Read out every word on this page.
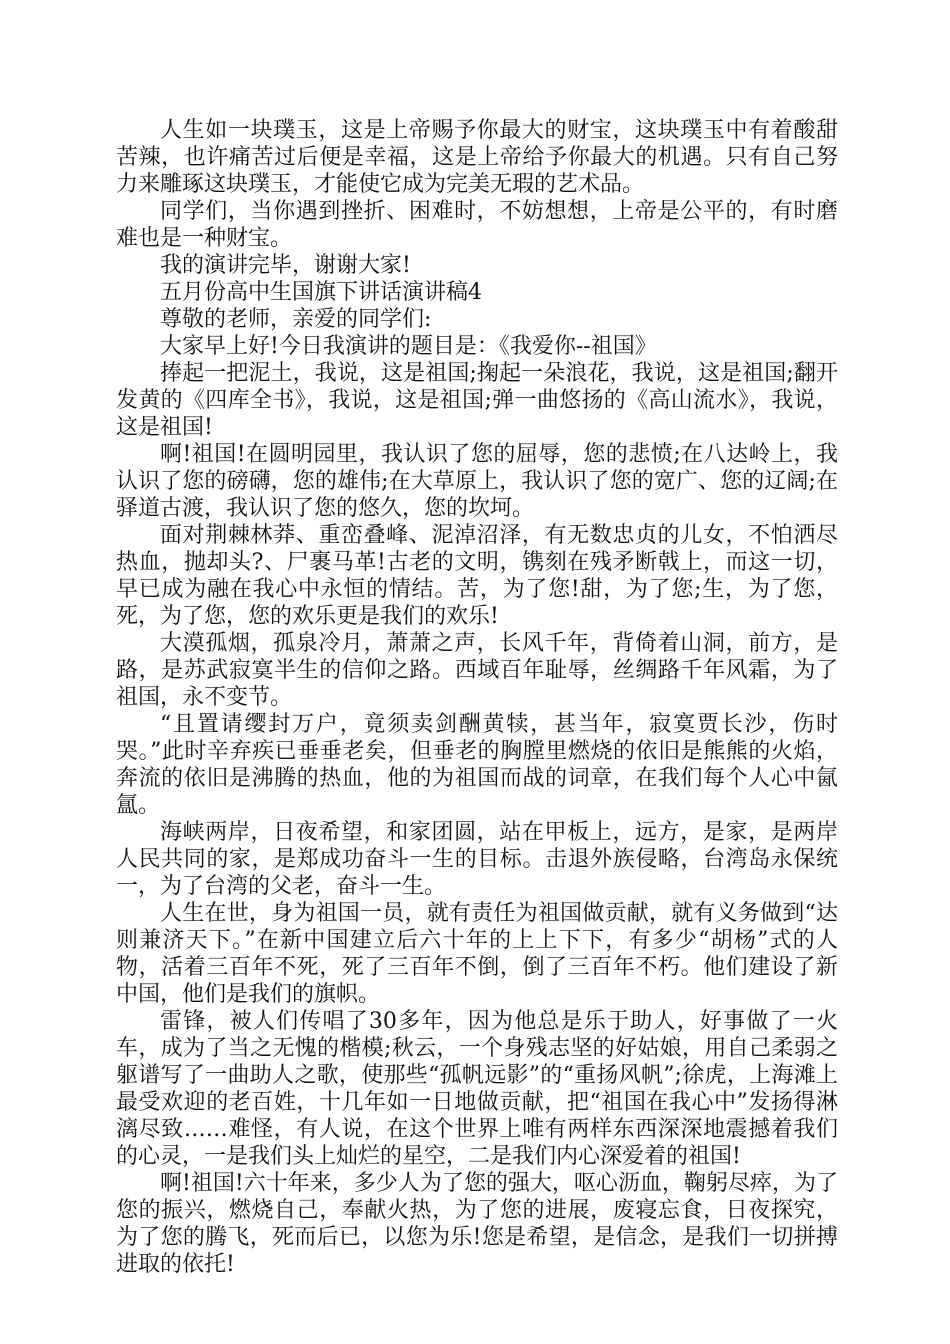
人生如一块璞玉，这是上帝赐予你最大的财宝，这块璞玉中有着酸甜苦辣，也许痛苦过后便是幸福，这是上帝给予你最大的机遇。只有自己努力来雕琢这块璞玉，才能使它成为完美无瑕的艺术品。

同学们，当你遇到挫折、困难时，不妨想想，上帝是公平的，有时磨难也是一种财宝。

我的演讲完毕，谢谢大家!

五月份高中生国旗下讲话演讲稿4

尊敬的老师，亲爱的同学们:

大家早上好!今日我演讲的题目是：《我爱你--祖国》

捧起一把泥土，我说，这是祖国;掬起一朵浪花，我说，这是祖国;翻开发黄的《四库全书》，我说，这是祖国;弹一曲悠扬的《高山流水》，我说，这是祖国!

啊!祖国!在圆明园里，我认识了您的屈辱，您的悲愤;在八达岭上，我认识了您的磅礴，您的雄伟;在大草原上，我认识了您的宽广、您的辽阔;在驿道古渡，我认识了您的悠久，您的坎坷。

面对荆棘林莽、重峦叠峰、泥淖沼泽，有无数忠贞的儿女，不怕洒尽热血，抛却头?、尸裹马革!古老的文明，镌刻在残矛断戟上，而这一切，早已成为融在我心中永恒的情结。苦，为了您!甜，为了您;生，为了您，死，为了您，您的欢乐更是我们的欢乐!

大漠孤烟，孤泉冷月，萧萧之声，长风千年，背倚着山洞，前方，是路，是苏武寂寞半生的信仰之路。西域百年耻辱，丝绸路千年风霜，为了祖国，永不变节。

“且置请缨封万户，竟须卖剑酬黄犊，甚当年，寂寞贾长沙，伤时哭。”此时辛弃疾已垂垂老矣，但垂老的胸膛里燃烧的依旧是熊熊的火焰，奔流的依旧是沸腾的热血，他的为祖国而战的词章，在我们每个人心中氤氲。

海峡两岸，日夜希望，和家团圆，站在甲板上，远方，是家，是两岸人民共同的家，是郑成功奋斗一生的目标。击退外族侵略，台湾岛永保统一，为了台湾的父老，奋斗一生。

人生在世，身为祖国一员，就有责任为祖国做贡献，就有义务做到“达则兼济天下。”在新中国建立后六十年的上上下下，有多少“胡杨”式的人物，活着三百年不死，死了三百年不倒，倒了三百年不朽。他们建设了新中国，他们是我们的旗帜。

雷锋，被人们传唱了30多年，因为他总是乐于助人，好事做了一火车，成为了当之无愧的楷模;秋云，一个身残志坚的好姑娘，用自己柔弱之躯谱写了一曲助人之歌，使那些“孤帆远影”的“重扬风帆”;徐虎，上海滩上最受欢迎的老百姓，十几年如一日地做贡献，把“祖国在我心中”发扬得淋漓尽致……难怪，有人说，在这个世界上唯有两样东西深深地震撼着我们的心灵，一是我们头上灿烂的星空，二是我们内心深爱着的祖国!

啊!祖国!六十年来，多少人为了您的强大，呕心沥血，鞠躬尽瘁，为了您的振兴，燃烧自己，奉献火热，为了您的进展，废寝忘食，日夜探究，为了您的腾飞，死而后已，以您为乐!您是希望，是信念，是我们一切拼搏进取的依托!
